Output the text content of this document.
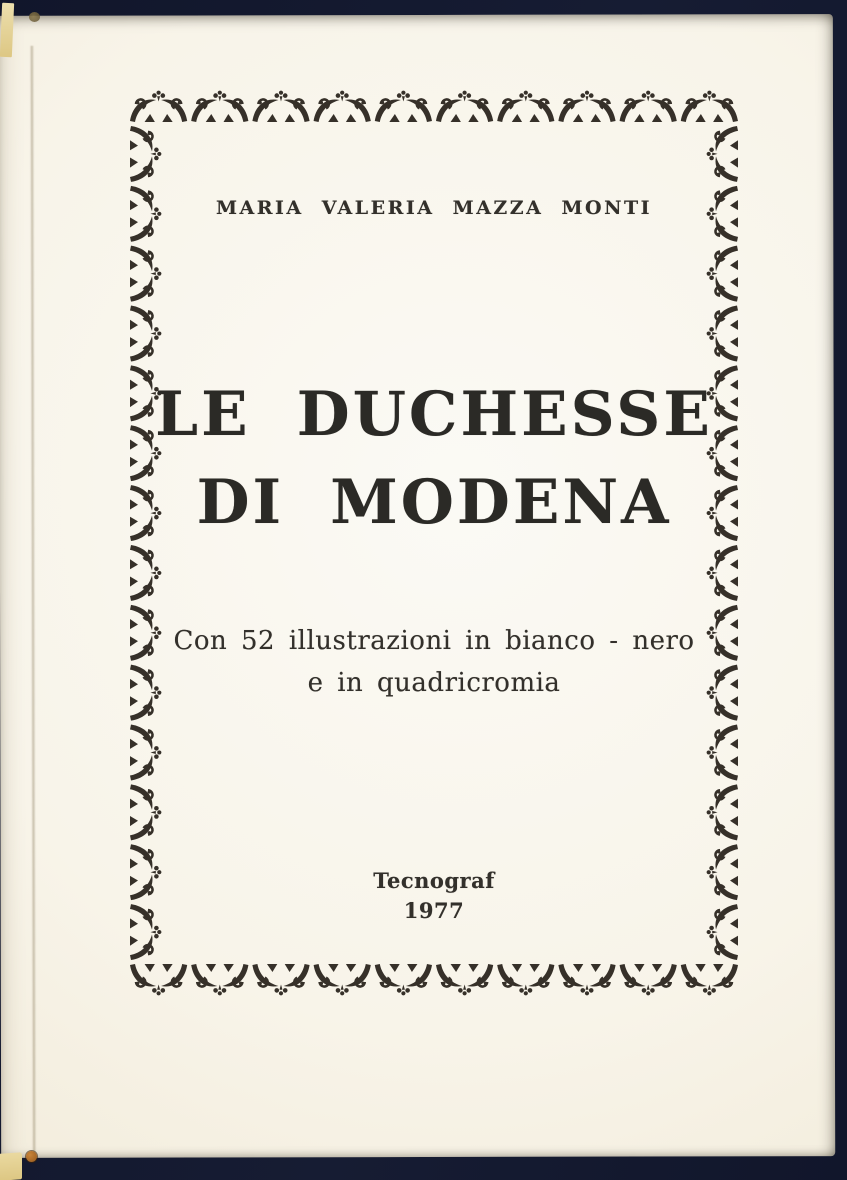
MARIA VALERIA MAZZA MONTI
LE DUCHESSE
DI MODENA
Con 52 illustrazioni in bianco - nero
e in quadricromia
Tecnograf
1977
